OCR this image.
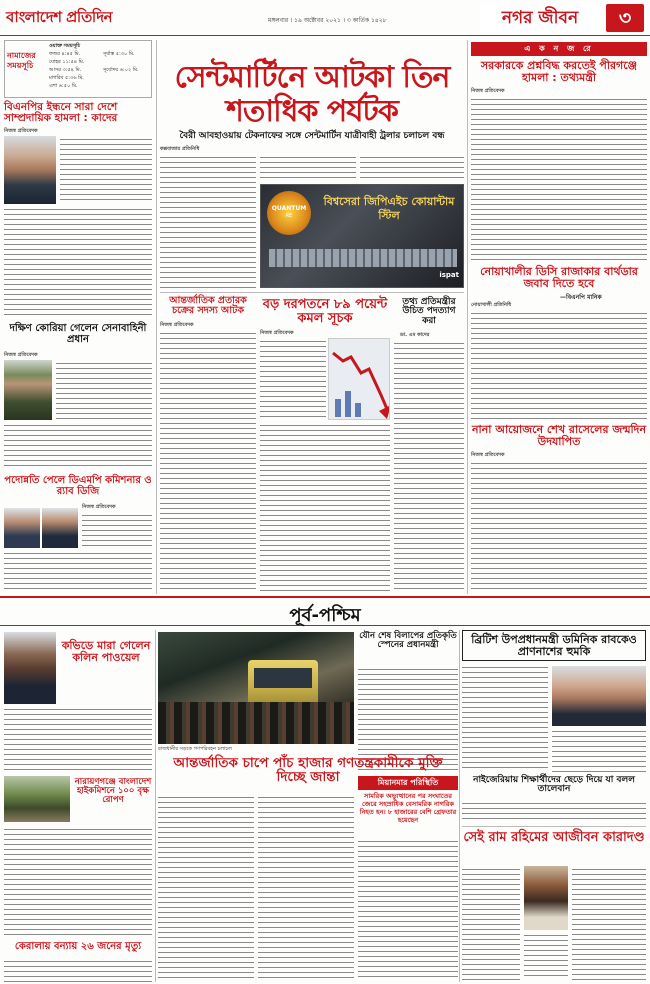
বাংলাদেশ প্রতিদিন	মঙ্গলবার । ১৯ অক্টোবর ২০২১ । ৩ কার্তিক ১৪২৮	নগর জীবন	৩
নামাজের সময়সূচি
ওয়াক্ত সময়সূচি
ফজর ৪:৪৫ মি.
যোহর ১১:৫৪ মি.
আসর ৩:৫৪ মি.
মাগরিব ৫:৩৬ মি.
এশা ৬:৫০ মি.
সূর্যাস্ত ৫:৩০ মি.
সূর্যোদয় ৬:০২ মি.
বিএনপির ইন্ধনে সারা দেশে সাম্প্রদায়িক হামলা : কাদের
নিজস্ব প্রতিবেদক
দক্ষিণ কোরিয়া গেলেন সেনাবাহিনী প্রধান
নিজস্ব প্রতিবেদক
পদোন্নতি পেলে ডিএমপি কমিশনার ও র‍্যাব ডিজি
নিজস্ব প্রতিবেদক
সেন্টমার্টিনে আটকা তিন
শতাধিক পর্যটক
বৈরী আবহাওয়ায় টেকনাফের সঙ্গে সেন্টমার্টিন যাত্রীবাহী ট্রলার চলাচল বন্ধ
কক্সবাজার প্রতিনিধি
QUANTUM
RE
বিশ্বসেরা জিপিএইচ কোয়ান্টাম স্টিল
ispat
আন্তর্জাতিক প্রতারক চক্রের সদস্য আটক
নিজস্ব প্রতিবেদক
বড় দরপতনে ৮৯ পয়েন্ট কমল সূচক
নিজস্ব প্রতিবেদক
তথ্য প্রতিমন্ত্রীর উচিত পদত্যাগ করা
ডা. এম কাদের
এ ক ন জ রে
সরকারকে প্রশ্নবিদ্ধ করতেই পীরগঞ্জে হামলা : তথ্যমন্ত্রী
নিজস্ব প্রতিবেদক
নোয়াখালীর ডিসি রাজাকার বার্থডার জবাব দিতে হবে
—বিএনপি মানিক
নোয়াখালী প্রতিনিধি
নানা আয়োজনে শেখ রাসেলের জন্মদিন উদযাপিত
নিজস্ব প্রতিবেদক
পূর্ব-পশ্চিম
কভিডে মারা গেলেন কলিন পাওয়েল
রাজধানীর সড়কে গণপরিবহন চলাচল
যৌন শেষ বিলাপের প্রতিকৃতি স্পেনের প্রধানমন্ত্রী	ব্রিটিশ উপপ্রধানমন্ত্রী ডমিনিক রাবকেও প্রাণনাশের হুমকি
আন্তর্জাতিক চাপে পাঁচ হাজার গণতন্ত্রকামীকে মুক্তি দিচ্ছে জান্তা	মিয়ানমার পরিস্থিতি
সামরিক অভ্যুত্থানের পর সংঘাতের জেরে সহস্রাধিক বেসামরিক নাগরিক নিহত হন। ৮ হাজারের বেশি গ্রেফতার হয়েছেন
নাইজেরিয়ায় শিক্ষার্থীদের ছেড়ে দিয়ে যা বলল তালেবান
নারায়ণগঞ্জে বাংলাদেশ হাইকমিশনে ১০০ বৃক্ষ রোপণ
কেরালায় বন্যায় ২৬ জনের মৃত্যু
সেই রাম রহিমের আজীবন কারাদণ্ড
